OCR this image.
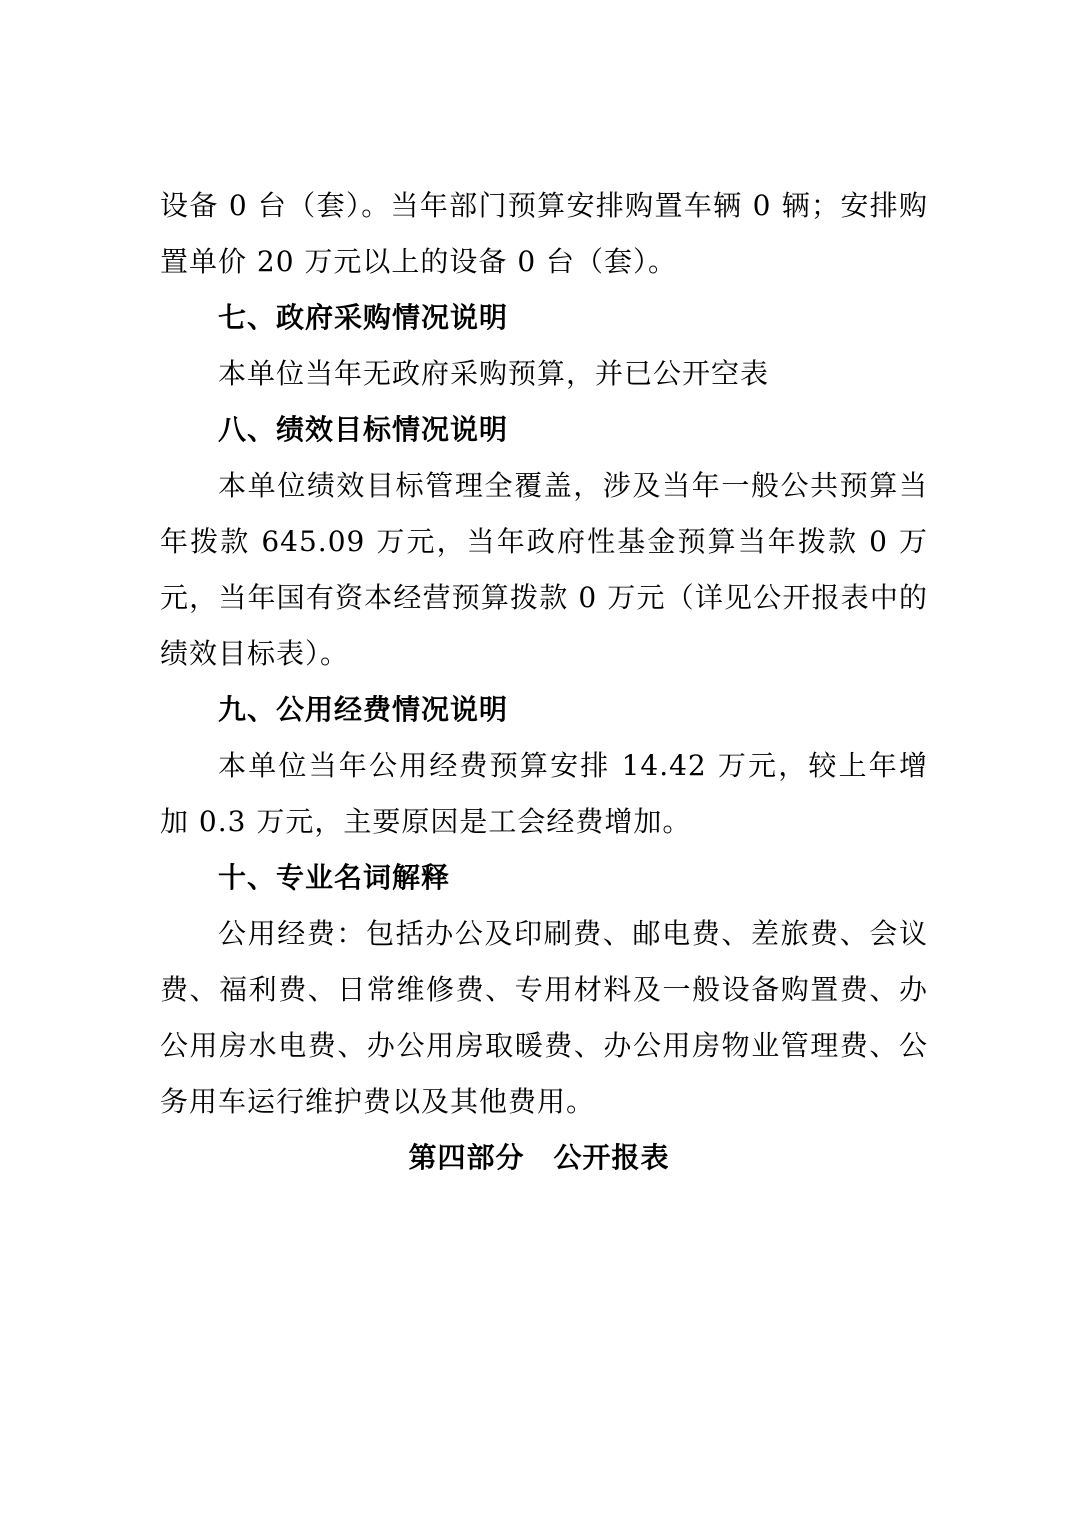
设备 0 台（套）。当年部门预算安排购置车辆 0 辆；安排购置单价 20 万元以上的设备 0 台（套）。

七、政府采购情况说明

本单位当年无政府采购预算，并已公开空表

八、绩效目标情况说明

本单位绩效目标管理全覆盖，涉及当年一般公共预算当年拨款 645.09 万元，当年政府性基金预算当年拨款 0 万元，当年国有资本经营预算拨款 0 万元（详见公开报表中的绩效目标表）。

九、公用经费情况说明

本单位当年公用经费预算安排 14.42 万元，较上年增加 0.3 万元，主要原因是工会经费增加。

十、专业名词解释

公用经费：包括办公及印刷费、邮电费、差旅费、会议费、福利费、日常维修费、专用材料及一般设备购置费、办公用房水电费、办公用房取暖费、办公用房物业管理费、公务用车运行维护费以及其他费用。

第四部分　公开报表
